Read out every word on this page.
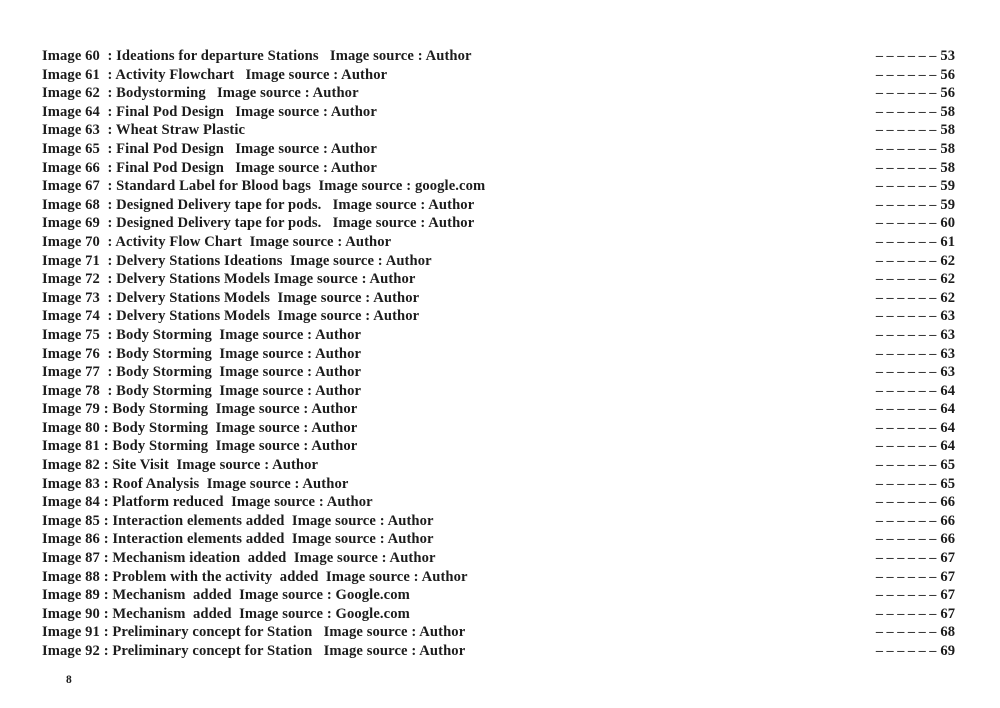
Image 60  : Ideations for departure Stations   Image source : Author	–––––– 53
Image 61  : Activity Flowchart   Image source : Author	–––––– 56
Image 62  : Bodystorming   Image source : Author	–––––– 56
Image 64  : Final Pod Design   Image source : Author	–––––– 58
Image 63  : Wheat Straw Plastic	–––––– 58
Image 65  : Final Pod Design   Image source : Author	–––––– 58
Image 66  : Final Pod Design   Image source : Author	–––––– 58
Image 67  : Standard Label for Blood bags  Image source : google.com	–––––– 59
Image 68  : Designed Delivery tape for pods.   Image source : Author	–––––– 59
Image 69  : Designed Delivery tape for pods.   Image source : Author	–––––– 60
Image 70  : Activity Flow Chart  Image source : Author	–––––– 61
Image 71  : Delvery Stations Ideations  Image source : Author	–––––– 62
Image 72  : Delvery Stations Models Image source : Author	–––––– 62
Image 73  : Delvery Stations Models  Image source : Author	–––––– 62
Image 74  : Delvery Stations Models  Image source : Author	–––––– 63
Image 75  : Body Storming  Image source : Author	–––––– 63
Image 76  : Body Storming  Image source : Author	–––––– 63
Image 77  : Body Storming  Image source : Author	–––––– 63
Image 78  : Body Storming  Image source : Author	–––––– 64
Image 79 : Body Storming  Image source : Author	–––––– 64
Image 80 : Body Storming  Image source : Author	–––––– 64
Image 81 : Body Storming  Image source : Author	–––––– 64
Image 82 : Site Visit  Image source : Author	–––––– 65
Image 83 : Roof Analysis  Image source : Author	–––––– 65
Image 84 : Platform reduced  Image source : Author	–––––– 66
Image 85 : Interaction elements added  Image source : Author	–––––– 66
Image 86 : Interaction elements added  Image source : Author	–––––– 66
Image 87 : Mechanism ideation  added  Image source : Author	–––––– 67
Image 88 : Problem with the activity  added  Image source : Author	–––––– 67
Image 89 : Mechanism  added  Image source : Google.com	–––––– 67
Image 90 : Mechanism  added  Image source : Google.com	–––––– 67
Image 91 : Preliminary concept for Station   Image source : Author	–––––– 68
Image 92 : Preliminary concept for Station   Image source : Author	–––––– 69
8
